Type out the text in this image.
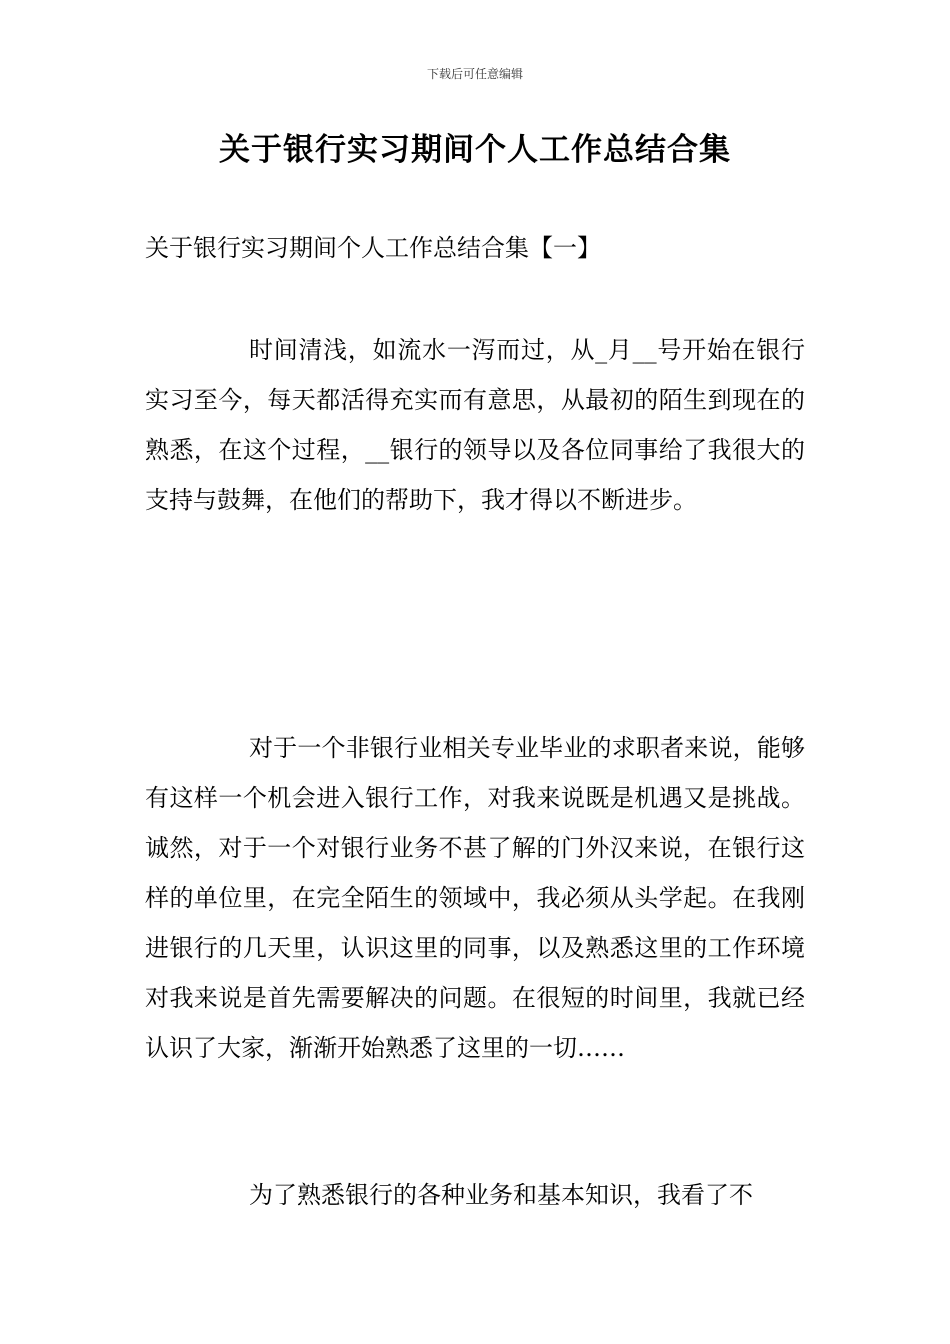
下载后可任意编辑
关于银行实习期间个人工作总结合集
关于银行实习期间个人工作总结合集【一】

时间清浅，如流水一泻而过，从_月__号开始在银行实习至今，每天都活得充实而有意思，从最初的陌生到现在的熟悉，在这个过程，__银行的领导以及各位同事给了我很大的支持与鼓舞，在他们的帮助下，我才得以不断进步。

对于一个非银行业相关专业毕业的求职者来说，能够有这样一个机会进入银行工作，对我来说既是机遇又是挑战。诚然，对于一个对银行业务不甚了解的门外汉来说，在银行这样的单位里，在完全陌生的领域中，我必须从头学起。在我刚进银行的几天里，认识这里的同事，以及熟悉这里的工作环境对我来说是首先需要解决的问题。在很短的时间里，我就已经认识了大家，渐渐开始熟悉了这里的一切……

为了熟悉银行的各种业务和基本知识，我看了不
